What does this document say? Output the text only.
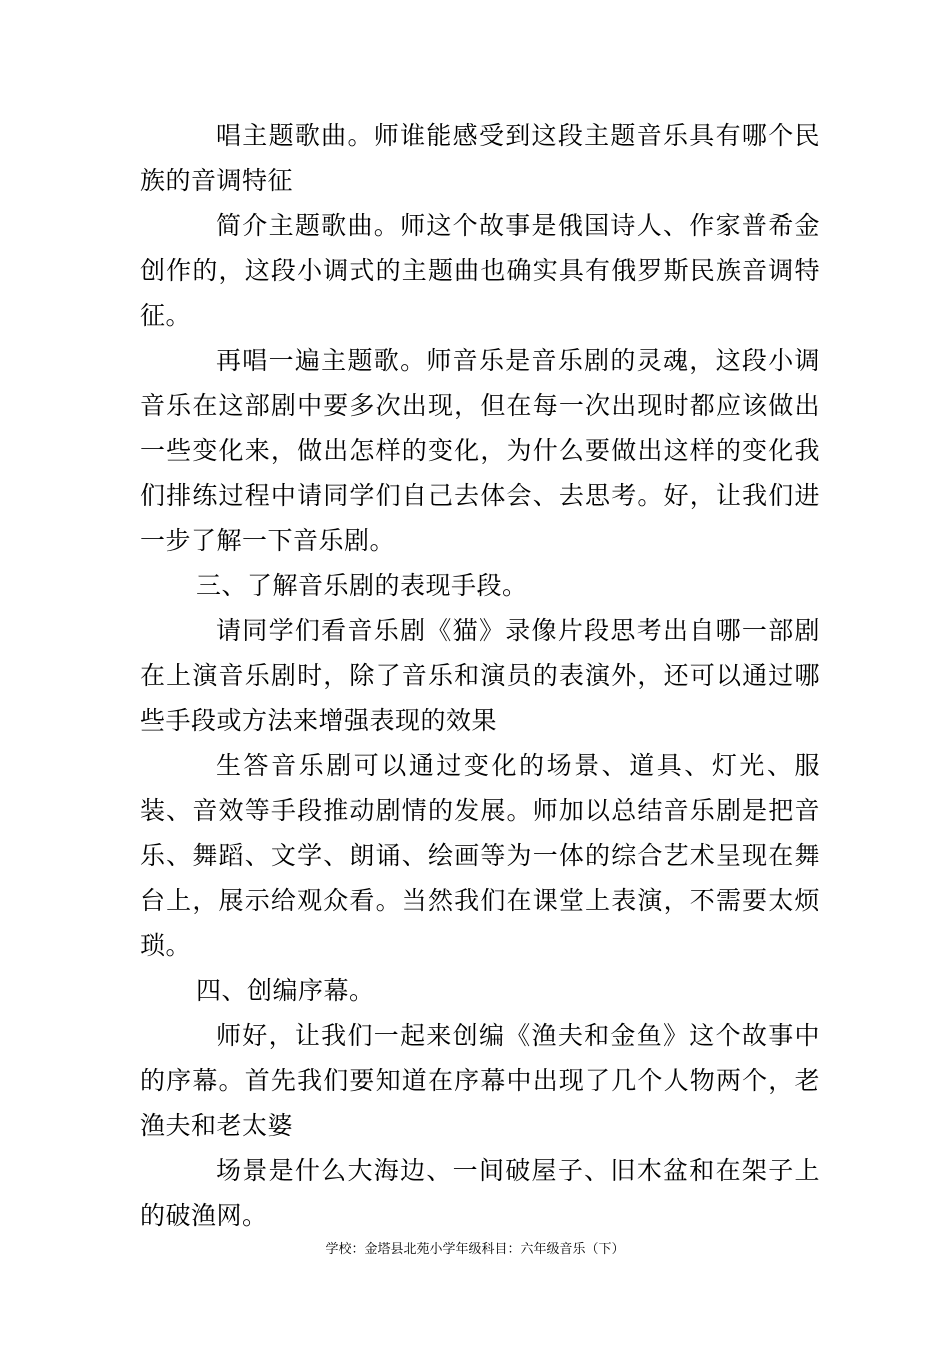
唱主题歌曲。师谁能感受到这段主题音乐具有哪个民族的音调特征

简介主题歌曲。师这个故事是俄国诗人、作家普希金创作的，这段小调式的主题曲也确实具有俄罗斯民族音调特征。

再唱一遍主题歌。师音乐是音乐剧的灵魂，这段小调音乐在这部剧中要多次出现，但在每一次出现时都应该做出一些变化来，做出怎样的变化，为什么要做出这样的变化我们排练过程中请同学们自己去体会、去思考。好，让我们进一步了解一下音乐剧。

三、了解音乐剧的表现手段。

请同学们看音乐剧《猫》录像片段思考出自哪一部剧在上演音乐剧时，除了音乐和演员的表演外，还可以通过哪些手段或方法来增强表现的效果

生答音乐剧可以通过变化的场景、道具、灯光、服装、音效等手段推动剧情的发展。师加以总结音乐剧是把音乐、舞蹈、文学、朗诵、绘画等为一体的综合艺术呈现在舞台上，展示给观众看。当然我们在课堂上表演，不需要太烦琐。

四、创编序幕。

师好，让我们一起来创编《渔夫和金鱼》这个故事中的序幕。首先我们要知道在序幕中出现了几个人物两个，老渔夫和老太婆

场景是什么大海边、一间破屋子、旧木盆和在架子上的破渔网。

学校：金塔县北苑小学年级科目：六年级音乐（下）
